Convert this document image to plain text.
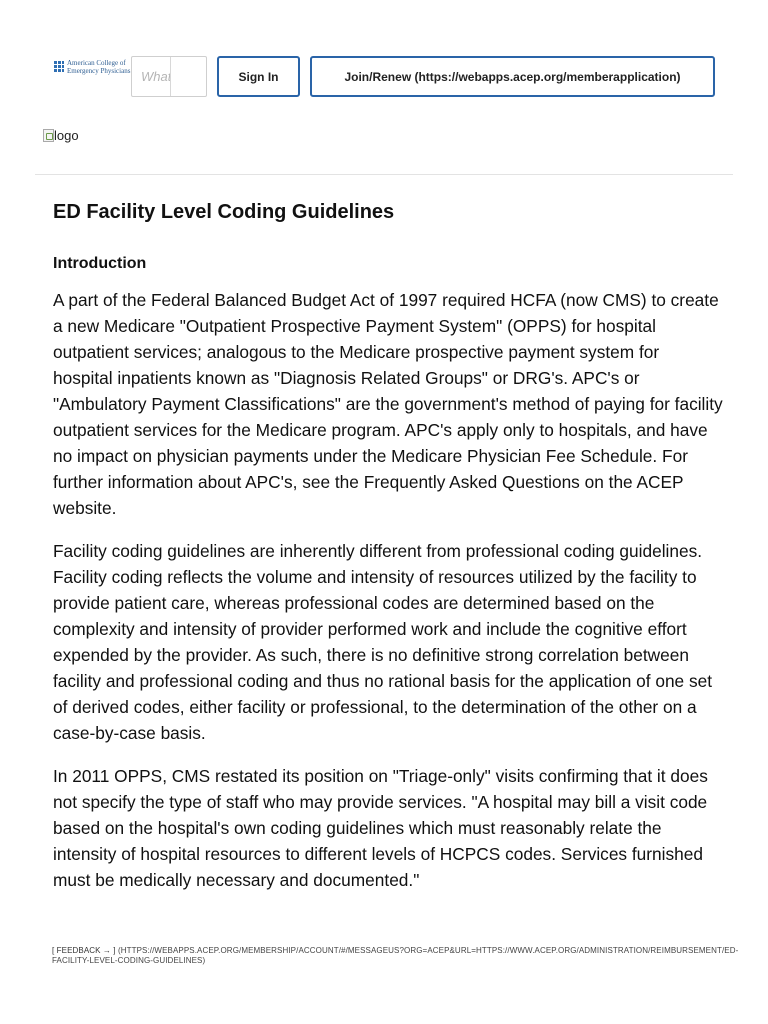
American College of
Emergency Physicians
What	Sign In	Join/Renew (https://webapps.acep.org/memberapplication)
logo
ED Facility Level Coding Guidelines
Introduction

A part of the Federal Balanced Budget Act of 1997 required HCFA (now CMS) to create a new Medicare "Outpatient Prospective Payment System" (OPPS) for hospital outpatient services; analogous to the Medicare prospective payment system for hospital inpatients known as "Diagnosis Related Groups" or DRG's. APC's or "Ambulatory Payment Classifications" are the government's method of paying for facility outpatient services for the Medicare program. APC's apply only to hospitals, and have no impact on physician payments under the Medicare Physician Fee Schedule. For further information about APC's, see the Frequently Asked Questions on the ACEP website.

Facility coding guidelines are inherently different from professional coding guidelines. Facility coding reflects the volume and intensity of resources utilized by the facility to provide patient care, whereas professional codes are determined based on the complexity and intensity of provider performed work and include the cognitive effort expended by the provider. As such, there is no definitive strong correlation between facility and professional coding and thus no rational basis for the application of one set of derived codes, either facility or professional, to the determination of the other on a case-by-case basis.

In 2011 OPPS, CMS restated its position on "Triage-only" visits confirming that it does not specify the type of staff who may provide services. "A hospital may bill a visit code based on the hospital's own coding guidelines which must reasonably relate the intensity of hospital resources to different levels of HCPCS codes. Services furnished must be medically necessary and documented."

[ FEEDBACK → ] (HTTPS://WEBAPPS.ACEP.ORG/MEMBERSHIP/ACCOUNT/#/MESSAGEUS?ORG=ACEP&URL=HTTPS://WWW.ACEP.ORG/ADMINISTRATION/REIMBURSEMENT/ED-FACILITY-LEVEL-CODING-GUIDELINES)
